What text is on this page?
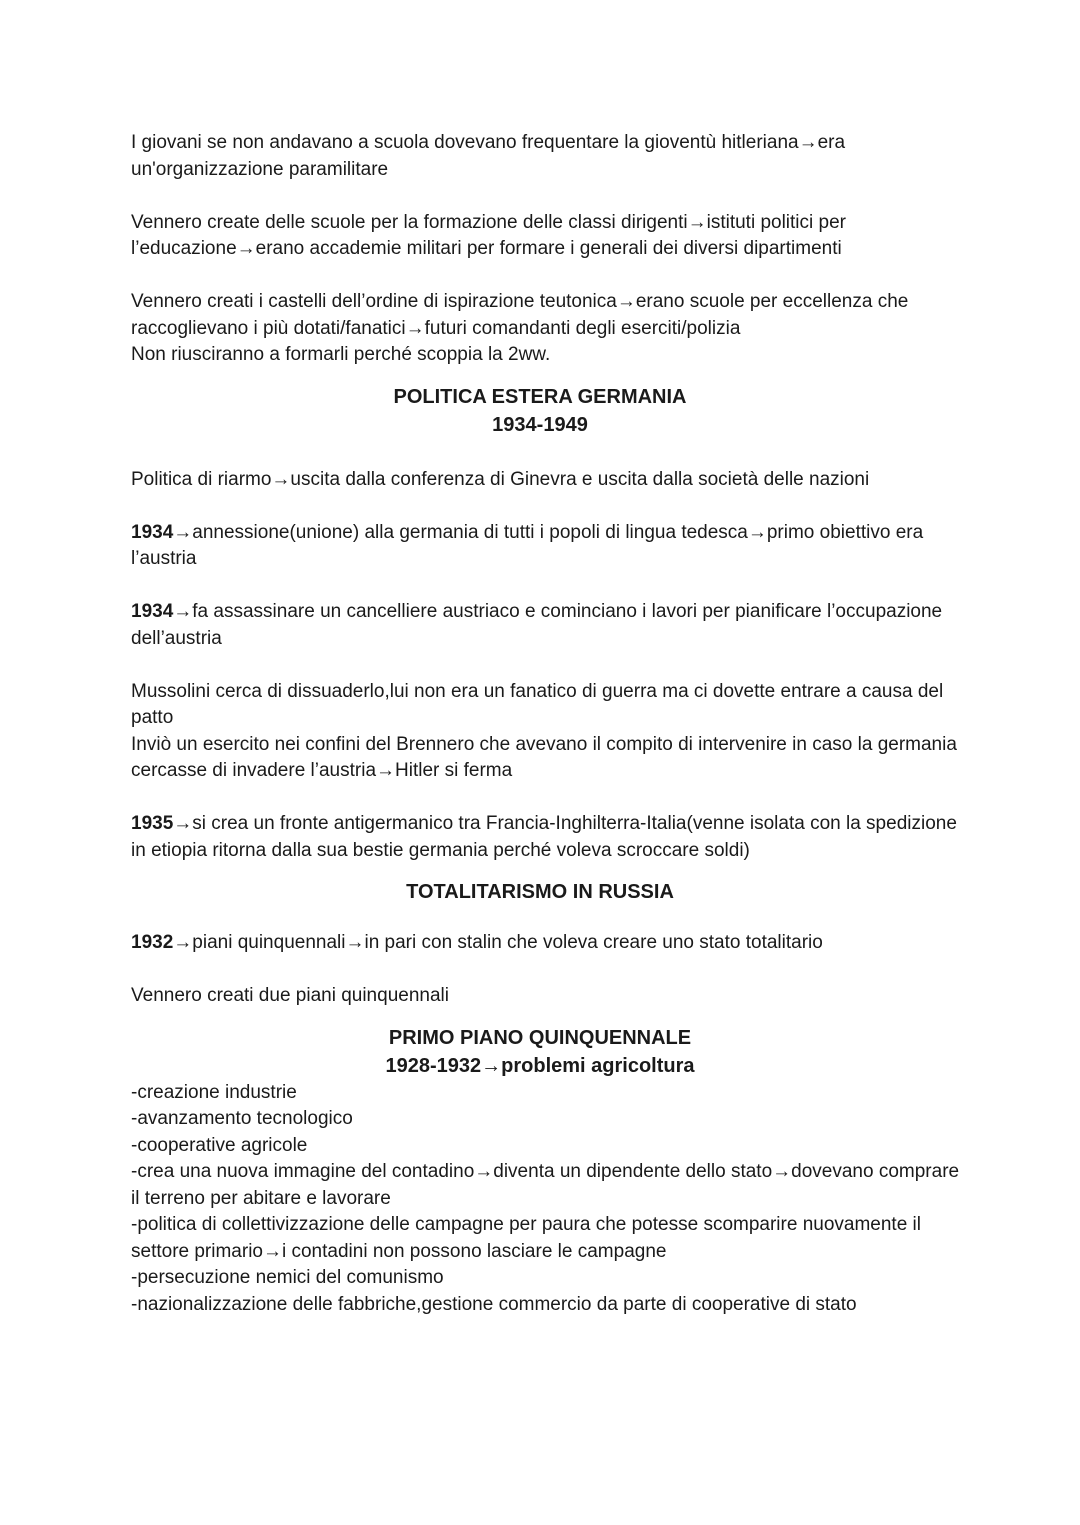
I giovani se non andavano a scuola dovevano frequentare la gioventù hitleriana→era un'organizzazione paramilitare

Vennero create delle scuole per la formazione delle classi dirigenti→istituti politici per l’educazione→erano accademie militari per formare i generali dei diversi dipartimenti

Vennero creati i castelli dell’ordine di ispirazione teutonica→erano scuole per eccellenza che raccoglievano i più dotati/fanatici→futuri comandanti degli eserciti/polizia

Non riusciranno a formarli perché scoppia la 2ww.

POLITICA ESTERA GERMANIA

1934-1949

Politica di riarmo→uscita dalla conferenza di Ginevra e uscita dalla società delle nazioni

1934→annessione(unione) alla germania di tutti i popoli di lingua tedesca→primo obiettivo era l’austria

1934→fa assassinare un cancelliere austriaco e cominciano i lavori per pianificare l’occupazione dell’austria

Mussolini cerca di dissuaderlo,lui non era un fanatico di guerra ma ci dovette entrare a causa del patto

Inviò un esercito nei confini del Brennero che avevano il compito di intervenire in caso la germania cercasse di invadere l’austria→Hitler si ferma

1935→si crea un fronte antigermanico tra Francia-Inghilterra-Italia(venne isolata con la spedizione in etiopia ritorna dalla sua bestie germania perché voleva scroccare soldi)

TOTALITARISMO IN RUSSIA

1932→piani quinquennali→in pari con stalin che voleva creare uno stato totalitario

Vennero creati due piani quinquennali

PRIMO PIANO QUINQUENNALE

1928-1932→problemi agricoltura

-creazione industrie
-avanzamento tecnologico
-cooperative agricole
-crea una nuova immagine del contadino→diventa un dipendente dello stato→dovevano comprare il terreno per abitare e lavorare
-politica di collettivizzazione delle campagne per paura che potesse scomparire nuovamente il settore primario→i contadini non possono lasciare le campagne
-persecuzione nemici del comunismo
-nazionalizzazione delle fabbriche,gestione commercio da parte di cooperative di stato
